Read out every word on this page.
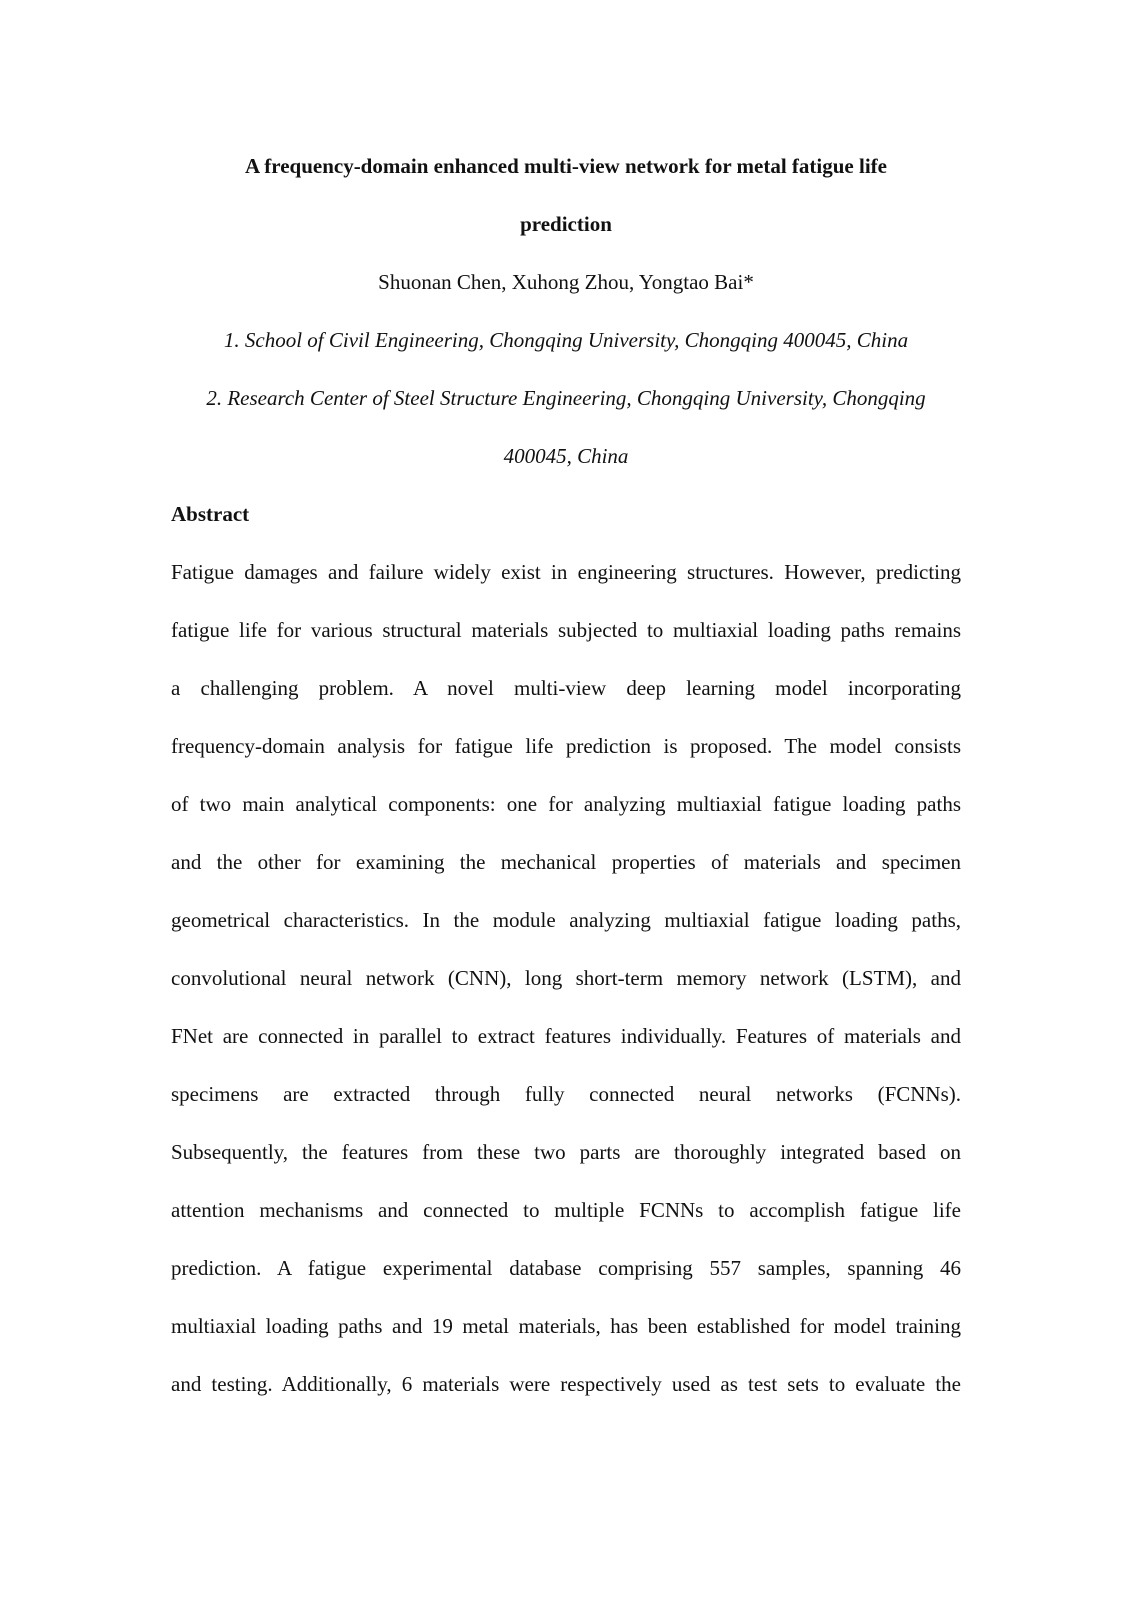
A frequency-domain enhanced multi-view network for metal fatigue life
prediction
Shuonan Chen, Xuhong Zhou, Yongtao Bai*
1. School of Civil Engineering, Chongqing University, Chongqing 400045, China
2. Research Center of Steel Structure Engineering, Chongqing University, Chongqing
400045, China
Abstract
Fatigue damages and failure widely exist in engineering structures. However, predicting
fatigue life for various structural materials subjected to multiaxial loading paths remains
a challenging problem. A novel multi-view deep learning model incorporating
frequency-domain analysis for fatigue life prediction is proposed. The model consists
of two main analytical components: one for analyzing multiaxial fatigue loading paths
and the other for examining the mechanical properties of materials and specimen
geometrical characteristics. In the module analyzing multiaxial fatigue loading paths,
convolutional neural network (CNN), long short-term memory network (LSTM), and
FNet are connected in parallel to extract features individually. Features of materials and
specimens are extracted through fully connected neural networks (FCNNs).
Subsequently, the features from these two parts are thoroughly integrated based on
attention mechanisms and connected to multiple FCNNs to accomplish fatigue life
prediction. A fatigue experimental database comprising 557 samples, spanning 46
multiaxial loading paths and 19 metal materials, has been established for model training
and testing. Additionally, 6 materials were respectively used as test sets to evaluate the
